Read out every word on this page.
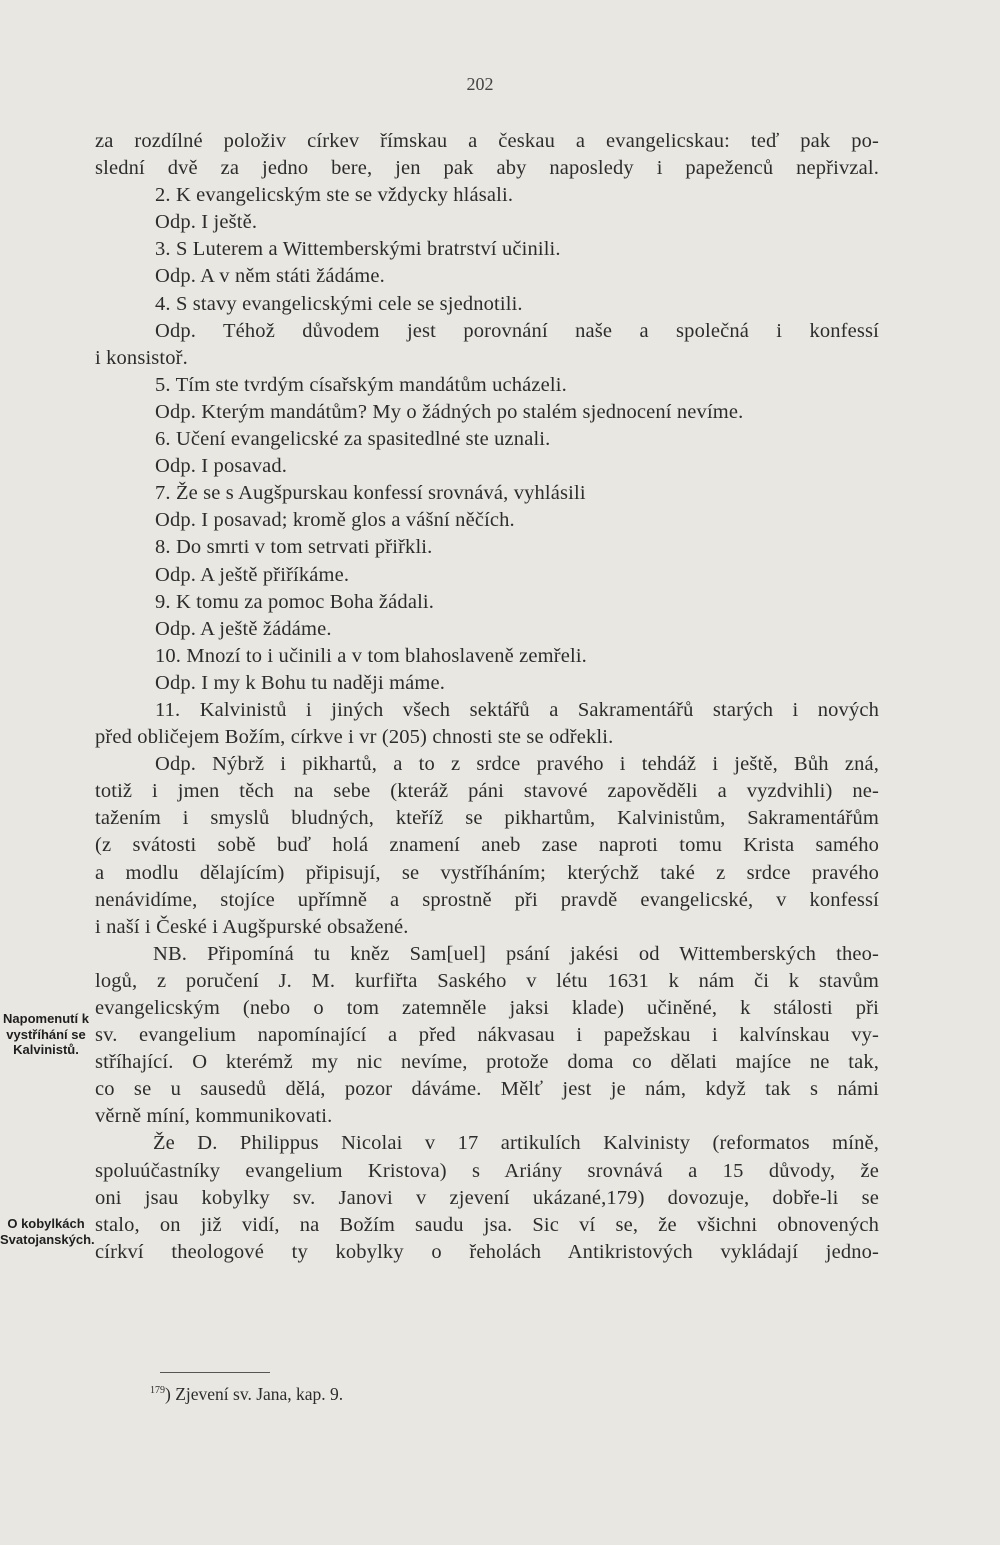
202
za rozdílné položiv církev římskau a českau a evangelicskau: teď pak po-
slední dvě za jedno bere, jen pak aby naposledy i papeženců nepřivzal.
2. K evangelicským ste se vždycky hlásali.
Odp. I ještě.
3. S Luterem a Wittemberskými bratrství učinili.
Odp. A v něm státi žádáme.
4. S stavy evangelicskými cele se sjednotili.
Odp. Téhož důvodem jest porovnání naše a společná i konfessí
i konsistoř.
5. Tím ste tvrdým císařským mandátům ucházeli.
Odp. Kterým mandátům? My o žádných po stalém sjednocení nevíme.
6. Učení evangelicské za spasitedlné ste uznali.
Odp. I posavad.
7. Že se s Augšpurskau konfessí srovnává, vyhlásili
Odp. I posavad; kromě glos a vášní něčích.
8. Do smrti v tom setrvati přiřkli.
Odp. A ještě přiříkáme.
9. K tomu za pomoc Boha žádali.
Odp. A ještě žádáme.
10. Mnozí to i učinili a v tom blahoslaveně zemřeli.
Odp. I my k Bohu tu naději máme.
11. Kalvinistů i jiných všech sektářů a Sakramentářů starých i nových
před obličejem Božím, církve i vr (205) chnosti ste se odřekli.
Odp. Nýbrž i pikhartů, a to z srdce pravého i tehdáž i ještě, Bůh zná,
totiž i jmen těch na sebe (kteráž páni stavové zapověděli a vyzdvihli) ne-
tažením i smyslů bludných, kteříž se pikhartům, Kalvinistům, Sakramentářům
(z svátosti sobě buď holá znamení aneb zase naproti tomu Krista samého
a modlu dělajícím) připisují, se vystříháním; kterýchž také z srdce pravého
nenávidíme, stojíce upřímně a sprostně při pravdě evangelicské, v konfessí
i naší i České i Augšpurské obsažené.
NB. Připomíná tu kněz Sam[uel] psání jakési od Wittemberských theo-
logů, z poručení J. M. kurfiřta Saského v létu 1631 k nám či k stavům
evangelicským (nebo o tom zatemněle jaksi klade) učiněné, k stálosti při
sv. evangelium napomínající a před nákvasau i papežskau i kalvínskau vy-
stříhající. O kterémž my nic nevíme, protože doma co dělati majíce ne tak,
co se u sausedů dělá, pozor dáváme. Mělť jest je nám, když tak s námi
věrně míní, kommunikovati.
Že D. Philippus Nicolai v 17 artikulích Kalvinisty (reformatos míně,
spoluúčastníky evangelium Kristova) s Ariány srovnává a 15 důvody, že
oni jsau kobylky sv. Janovi v zjevení ukázané,179) dovozuje, dobře-li se
stalo, on již vidí, na Božím saudu jsa. Sic ví se, že všichni obnovených
církví theologové ty kobylky o řeholách Antikristových vykládají jedno-
Napomenutí k vystříhání se Kalvinistů.
O kobylkách Svatojanských.
$^{179}$) Zjevení sv. Jana, kap. 9.
